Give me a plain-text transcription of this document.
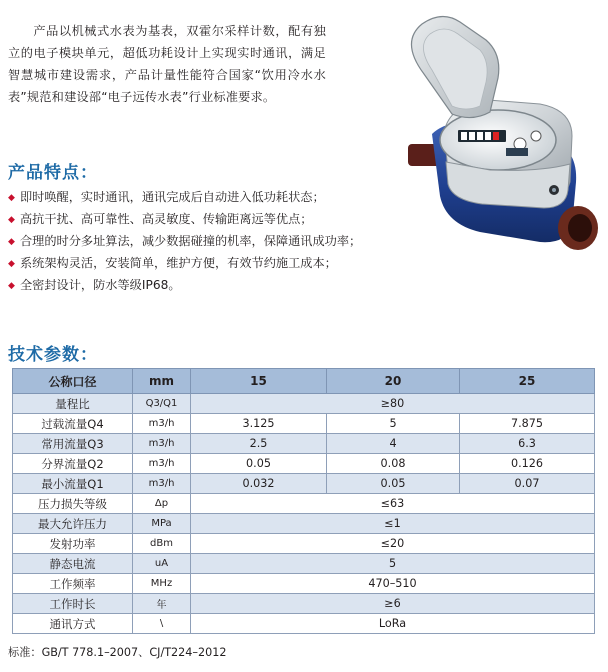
产品以机械式水表为基表，双霍尔采样计数，配有独立的电子模块单元，超低功耗设计上实现实时通讯，满足智慧城市建设需求，产品计量性能符合国家“饮用冷水水表”规范和建设部“电子远传水表”行业标准要求。

产品特点：
◆ 即时唤醒，实时通讯，通讯完成后自动进入低功耗状态；
◆ 高抗干扰、高可靠性、高灵敏度、传输距离远等优点；
◆ 合理的时分多址算法，减少数据碰撞的机率，保障通讯成功率；
◆ 系统架构灵活，安装简单，维护方便，有效节约施工成本；
◆ 全密封设计，防水等级IP68。
技术参数：
公称口径	mm	15	20	25
量程比	Q3/Q1	≥80		
过载流量Q4	m3/h	3.125	5	7.875
常用流量Q3	m3/h	2.5	4	6.3
分界流量Q2	m3/h	0.05	0.08	0.126
最小流量Q1	m3/h	0.032	0.05	0.07
压力损失等级	Δp	≤63		
最大允许压力	MPa	≤1		
发射功率	dBm	≤20		
静态电流	uA	5		
工作频率	MHz	470–510		
工作时长	年	≥6		
通讯方式	\	LoRa		

标准：GB/T 778.1–2007、CJ/T224–2012
